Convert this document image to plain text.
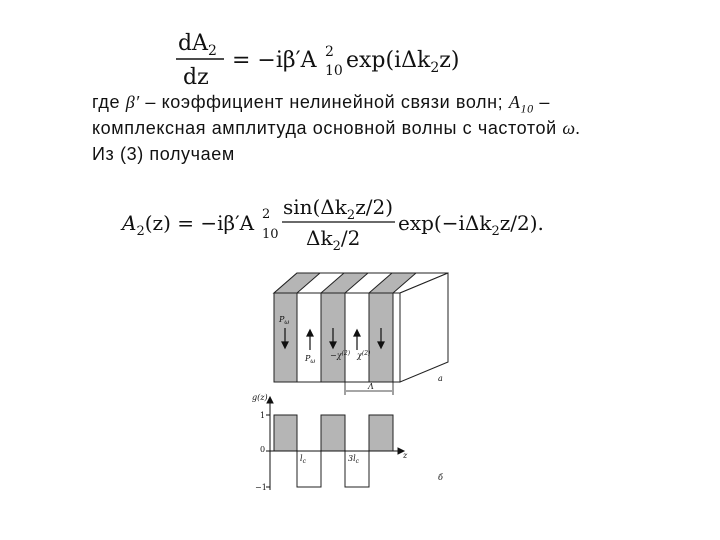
$dA_2$
dz
= −iβ′A 2
10 exp(iΔk$_2$z)
где β′ – коэффициент нелинейной связи волн; $A_{10}$ –
комплексная амплитуда основной волны с частотой ω.
Из (3) получаем
$A_2(z) = -i\beta'A$ 2
10
$\sin(\Delta k_2z/2)$
$\Delta k_2/2$
exp(−iΔk$_2$z/2).
$P_\omega$
$P_\omega$
$-\chi^{(2)}$ $\chi^{(2)}$
Λ
а
g(z)
1
0
−1
$l_c$	$3l_c$
z
б
